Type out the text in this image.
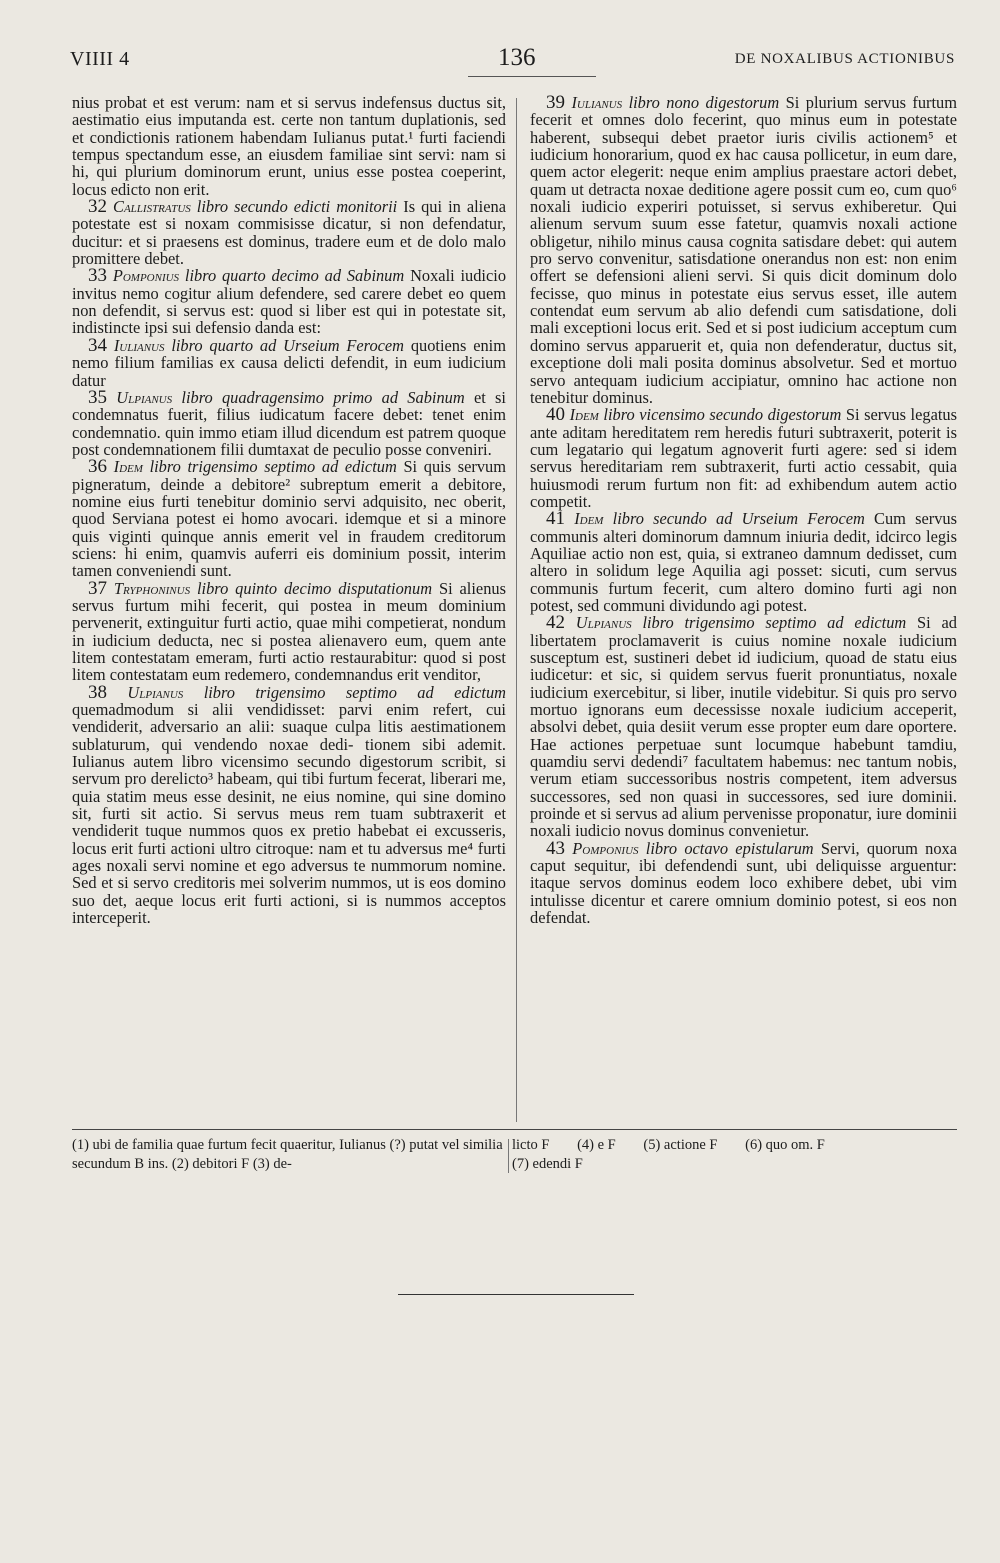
VIIII 4	136	DE NOXALIBUS ACTIONIBUS

nius probat et est verum: nam et si servus indefensus ductus sit, aestimatio eius imputanda est. certe non tantum duplationis, sed et condictionis rationem habendam Iulianus putat.¹ furti faciendi tempus spectandum esse, an eiusdem familiae sint servi: nam si hi, qui plurium dominorum erunt, unius esse postea coeperint, locus edicto non erit.

32 Callistratus libro secundo edicti monitorii Is qui in aliena potestate est si noxam commisisse dicatur, si non defendatur, ducitur: et si praesens est dominus, tradere eum et de dolo malo promittere debet.

33 Pomponius libro quarto decimo ad Sabinum Noxali iudicio invitus nemo cogitur alium defendere, sed carere debet eo quem non defendit, si servus est: quod si liber est qui in potestate sit, indistincte ipsi sui defensio danda est:

34 Iulianus libro quarto ad Urseium Ferocem quotiens enim nemo filium familias ex causa delicti defendit, in eum iudicium datur

35 Ulpianus libro quadragensimo primo ad Sabinum et si condemnatus fuerit, filius iudicatum facere debet: tenet enim condemnatio. quin immo etiam illud dicendum est patrem quoque post condemnationem filii dumtaxat de peculio posse conveniri.

36 Idem libro trigensimo septimo ad edictum Si quis servum pigneratum, deinde a debitore² subreptum emerit a debitore, nomine eius furti tenebitur dominio servi adquisito, nec oberit, quod Serviana potest ei homo avocari. idemque et si a minore quis viginti quinque annis emerit vel in fraudem creditorum sciens: hi enim, quamvis auferri eis dominium possit, interim tamen conveniendi sunt.

37 Tryphoninus libro quinto decimo disputationum Si alienus servus furtum mihi fecerit, qui postea in meum dominium pervenerit, extinguitur furti actio, quae mihi competierat, nondum in iudicium deducta, nec si postea alienavero eum, quem ante litem contestatam emeram, furti actio restaurabitur: quod si post litem contestatam eum redemero, condemnandus erit venditor,

38 Ulpianus libro trigensimo septimo ad edictum quemadmodum si alii vendidisset: parvi enim refert, cui vendiderit, adversario an alii: suaque culpa litis aestimationem sublaturum, qui vendendo noxae dedi- tionem sibi ademit. Iulianus autem libro vicensimo secundo digestorum scribit, si servum pro derelicto³ habeam, qui tibi furtum fecerat, liberari me, quia statim meus esse desinit, ne eius nomine, qui sine domino sit, furti sit actio. Si servus meus rem tuam subtraxerit et vendiderit tuque nummos quos ex pretio habebat ei excusseris, locus erit furti actioni ultro citroque: nam et tu adversus me⁴ furti ages noxali servi nomine et ego adversus te nummorum nomine. Sed et si servo creditoris mei solverim nummos, ut is eos domino suo det, aeque locus erit furti actioni, si is nummos acceptos interceperit.

39 Iulianus libro nono digestorum Si plurium servus furtum fecerit et omnes dolo fecerint, quo minus eum in potestate haberent, subsequi debet praetor iuris civilis actionem⁵ et iudicium honorarium, quod ex hac causa pollicetur, in eum dare, quem actor elegerit: neque enim amplius praestare actori debet, quam ut detracta noxae deditione agere possit cum eo, cum quo⁶ noxali iudicio experiri potuisset, si servus exhiberetur. Qui alienum servum suum esse fatetur, quamvis noxali actione obligetur, nihilo minus causa cognita satisdare debet: qui autem pro servo convenitur, satisdatione onerandus non est: non enim offert se defensioni alieni servi. Si quis dicit dominum dolo fecisse, quo minus in potestate eius servus esset, ille autem contendat eum servum ab alio defendi cum satisdatione, doli mali exceptioni locus erit. Sed et si post iudicium acceptum cum domino servus apparuerit et, quia non defenderatur, ductus sit, exceptione doli mali posita dominus absolvetur. Sed et mortuo servo antequam iudicium accipiatur, omnino hac actione non tenebitur dominus.

40 Idem libro vicensimo secundo digestorum Si servus legatus ante aditam hereditatem rem heredis futuri subtraxerit, poterit is cum legatario qui legatum agnoverit furti agere: sed si idem servus hereditariam rem subtraxerit, furti actio cessabit, quia huiusmodi rerum furtum non fit: ad exhibendum autem actio competit.

41 Idem libro secundo ad Urseium Ferocem Cum servus communis alteri dominorum damnum iniuria dedit, idcirco legis Aquiliae actio non est, quia, si extraneo damnum dedisset, cum altero in solidum lege Aquilia agi posset: sicuti, cum servus communis furtum fecerit, cum altero domino furti agi non potest, sed communi dividundo agi potest.

42 Ulpianus libro trigensimo septimo ad edictum Si ad libertatem proclamaverit is cuius nomine noxale iudicium susceptum est, sustineri debet id iudicium, quoad de statu eius iudicetur: et sic, si quidem servus fuerit pronuntiatus, noxale iudicium exercebitur, si liber, inutile videbitur. Si quis pro servo mortuo ignorans eum decessisse noxale iudicium acceperit, absolvi debet, quia desiit verum esse propter eum dare oportere. Hae actiones perpetuae sunt locumque habebunt tamdiu, quamdiu servi dedendi⁷ facultatem habemus: nec tantum nobis, verum etiam successoribus nostris competent, item adversus successores, sed non quasi in successores, sed iure dominii. proinde et si servus ad alium pervenisse proponatur, iure dominii noxali iudicio novus dominus convenietur.

43 Pomponius libro octavo epistularum Servi, quorum noxa caput sequitur, ibi defendendi sunt, ubi deliquisse arguentur: itaque servos dominus eodem loco exhibere debet, ubi vim intulisse dicentur et carere omnium dominio potest, si eos non defendat.

(1) ubi de familia quae furtum fecit quaeritur, Iulianus (?) putat vel similia secundum B ins. (2) debitori F (3) de-
licto F (4) e F (5) actione F (6) quo om. F
(7) edendi F
